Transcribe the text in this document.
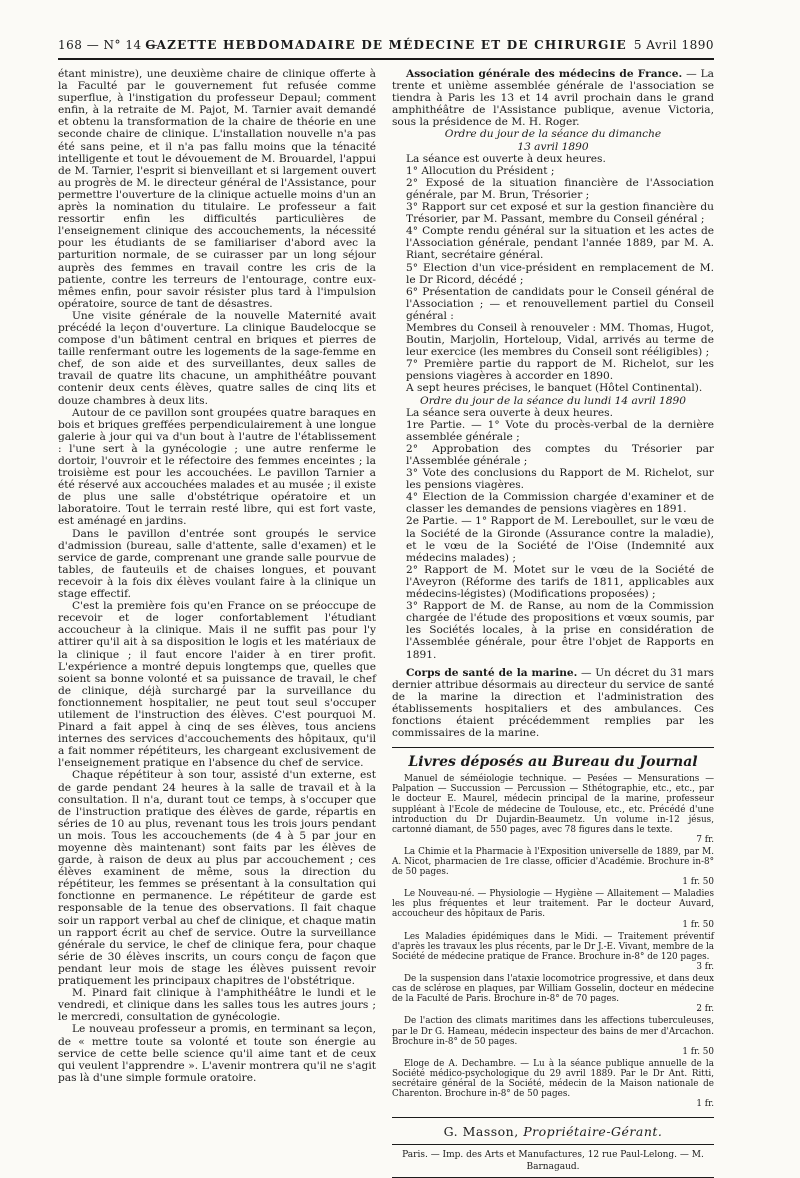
168 — N° 14 —
GAZETTE HEBDOMADAIRE DE MÉDECINE ET DE CHIRURGIE 5 Avril 1890

étant ministre), une deuxième chaire de clinique offerte à la Faculté par le gouvernement fut refusée comme superflue, à l'instigation du professeur Depaul; comment enfin, à la retraite de M. Pajot, M. Tarnier avait demandé et obtenu la transformation de la chaire de théorie en une seconde chaire de clinique. L'installation nouvelle n'a pas été sans peine, et il n'a pas fallu moins que la ténacité intelligente et tout le dévouement de M. Brouardel, l'appui de M. Tarnier, l'esprit si bienveillant et si largement ouvert au progrès de M. le directeur général de l'Assistance, pour permettre l'ouverture de la clinique actuelle moins d'un an après la nomination du titulaire. Le professeur a fait ressortir enfin les difficultés particulières de l'enseignement clinique des accouchements, la nécessité pour les étudiants de se familiariser d'abord avec la parturition normale, de se cuirasser par un long séjour auprès des femmes en travail contre les cris de la patiente, contre les terreurs de l'entourage, contre eux-mêmes enfin, pour savoir résister plus tard à l'impulsion opératoire, source de tant de désastres.

Une visite générale de la nouvelle Maternité avait précédé la leçon d'ouverture. La clinique Baudelocque se compose d'un bâtiment central en briques et pierres de taille renfermant outre les logements de la sage-femme en chef, de son aide et des surveillantes, deux salles de travail de quatre lits chacune, un amphithéâtre pouvant contenir deux cents élèves, quatre salles de cinq lits et douze chambres à deux lits.

Autour de ce pavillon sont groupées quatre baraques en bois et briques greffées perpendiculairement à une longue galerie à jour qui va d'un bout à l'autre de l'établissement : l'une sert à la gynécologie ; une autre renferme le dortoir, l'ouvroir et le réfectoire des femmes enceintes ; la troisième est pour les accouchées. Le pavillon Tarnier a été réservé aux accouchées malades et au musée ; il existe de plus une salle d'obstétrique opératoire et un laboratoire. Tout le terrain resté libre, qui est fort vaste, est aménagé en jardins.

Dans le pavillon d'entrée sont groupés le service d'admission (bureau, salle d'attente, salle d'examen) et le service de garde, comprenant une grande salle pourvue de tables, de fauteuils et de chaises longues, et pouvant recevoir à la fois dix élèves voulant faire à la clinique un stage effectif.

C'est la première fois qu'en France on se préoccupe de recevoir et de loger confortablement l'étudiant accoucheur à la clinique. Mais il ne suffit pas pour l'y attirer qu'il ait à sa disposition le logis et les matériaux de la clinique ; il faut encore l'aider à en tirer profit. L'expérience a montré depuis longtemps que, quelles que soient sa bonne volonté et sa puissance de travail, le chef de clinique, déjà surchargé par la surveillance du fonctionnement hospitalier, ne peut tout seul s'occuper utilement de l'instruction des élèves. C'est pourquoi M. Pinard a fait appel à cinq de ses élèves, tous anciens internes des services d'accouchements des hôpitaux, qu'il a fait nommer répétiteurs, les chargeant exclusivement de l'enseignement pratique en l'absence du chef de service.

Chaque répétiteur à son tour, assisté d'un externe, est de garde pendant 24 heures à la salle de travail et à la consultation. Il n'a, durant tout ce temps, à s'occuper que de l'instruction pratique des élèves de garde, répartis en séries de 10 au plus, revenant tous les trois jours pendant un mois. Tous les accouchements (de 4 à 5 par jour en moyenne dès maintenant) sont faits par les élèves de garde, à raison de deux au plus par accouchement ; ces élèves examinent de même, sous la direction du répétiteur, les femmes se présentant à la consultation qui fonctionne en permanence. Le répétiteur de garde est responsable de la tenue des observations. Il fait chaque soir un rapport verbal au chef de clinique, et chaque matin un rapport écrit au chef de service. Outre la surveillance générale du service, le chef de clinique fera, pour chaque série de 30 élèves inscrits, un cours conçu de façon que pendant leur mois de stage les élèves puissent revoir pratiquement les principaux chapitres de l'obstétrique.

M. Pinard fait clinique à l'amphithéâtre le lundi et le vendredi, et clinique dans les salles tous les autres jours ; le mercredi, consultation de gynécologie.

Le nouveau professeur a promis, en terminant sa leçon, de « mettre toute sa volonté et toute son énergie au service de cette belle science qu'il aime tant et de ceux qui veulent l'apprendre ». L'avenir montrera qu'il ne s'agit pas là d'une simple formule oratoire.

Association générale des médecins de France. — La trente et unième assemblée générale de l'association se tiendra à Paris les 13 et 14 avril prochain dans le grand amphithéâtre de l'Assistance publique, avenue Victoria, sous la présidence de M. H. Roger.

Ordre du jour de la séance du dimanche

13 avril 1890

La séance est ouverte à deux heures.

1° Allocution du Président ;

2° Exposé de la situation financière de l'Association générale, par M. Brun, Trésorier ;

3° Rapport sur cet exposé et sur la gestion financière du Trésorier, par M. Passant, membre du Conseil général ;

4° Compte rendu général sur la situation et les actes de l'Association générale, pendant l'année 1889, par M. A. Riant, secrétaire général.

5° Election d'un vice-président en remplacement de M. le Dr Ricord, décédé ;

6° Présentation de candidats pour le Conseil général de l'Association ; — et renouvellement partiel du Conseil général :

Membres du Conseil à renouveler : MM. Thomas, Hugot, Boutin, Marjolin, Horteloup, Vidal, arrivés au terme de leur exercice (les membres du Conseil sont rééligibles) ;

7° Première partie du rapport de M. Richelot, sur les pensions viagères à accorder en 1890.

A sept heures précises, le banquet (Hôtel Continental).

Ordre du jour de la séance du lundi 14 avril 1890

La séance sera ouverte à deux heures.

1re Partie. — 1° Vote du procès-verbal de la dernière assemblée générale ;

2° Approbation des comptes du Trésorier par l'Assemblée générale ;

3° Vote des conclusions du Rapport de M. Richelot, sur les pensions viagères.

4° Election de la Commission chargée d'examiner et de classer les demandes de pensions viagères en 1891.

2e Partie. — 1° Rapport de M. Lereboullet, sur le vœu de la Société de la Gironde (Assurance contre la maladie), et le vœu de la Société de l'Oise (Indemnité aux médecins malades) ;

2° Rapport de M. Motet sur le vœu de la Société de l'Aveyron (Réforme des tarifs de 1811, applicables aux médecins-légistes) (Modifications proposées) ;

3° Rapport de M. de Ranse, au nom de la Commission chargée de l'étude des propositions et vœux soumis, par les Sociétés locales, à la prise en considération de l'Assemblée générale, pour être l'objet de Rapports en 1891.

Corps de santé de la marine. — Un décret du 31 mars dernier attribue désormais au directeur du service de santé de la marine la direction et l'administration des établissements hospitaliers et des ambulances. Ces fonctions étaient précédemment remplies par les commissaires de la marine.

Livres déposés au Bureau du Journal

Manuel de séméiologie technique. — Pesées — Mensurations — Palpation — Succussion — Percussion — Sthétographie, etc., etc., par le docteur E. Maurel, médecin principal de la marine, professeur suppléant à l'Ecole de médecine de Toulouse, etc., etc. Précédé d'une introduction du Dr Dujardin-Beaumetz. Un volume in-12 jésus, cartonné diamant, de 550 pages, avec 78 figures dans le texte.

7 fr.

La Chimie et la Pharmacie à l'Exposition universelle de 1889, par M. A. Nicot, pharmacien de 1re classe, officier d'Académie. Brochure in-8° de 50 pages.

1 fr. 50

Le Nouveau-né. — Physiologie — Hygiène — Allaitement — Maladies les plus fréquentes et leur traitement. Par le docteur Auvard, accoucheur des hôpitaux de Paris.

1 fr. 50

Les Maladies épidémiques dans le Midi. — Traitement préventif d'après les travaux les plus récents, par le Dr J.-E. Vivant, membre de la Société de médecine pratique de France. Brochure in-8° de 120 pages.

3 fr.

De la suspension dans l'ataxie locomotrice progressive, et dans deux cas de sclérose en plaques, par William Gosselin, docteur en médecine de la Faculté de Paris. Brochure in-8° de 70 pages.

2 fr.

De l'action des climats maritimes dans les affections tuberculeuses, par le Dr G. Hameau, médecin inspecteur des bains de mer d'Arcachon. Brochure in-8° de 50 pages.

1 fr. 50

Eloge de A. Dechambre. — Lu à la séance publique annuelle de la Société médico-psychologique du 29 avril 1889. Par le Dr Ant. Ritti, secrétaire général de la Société, médecin de la Maison nationale de Charenton. Brochure in-8° de 50 pages.

1 fr.
G. Masson, Propriétaire-Gérant.
Paris. — Imp. des Arts et Manufactures, 12 rue Paul-Lelong. — M. Barnagaud.
